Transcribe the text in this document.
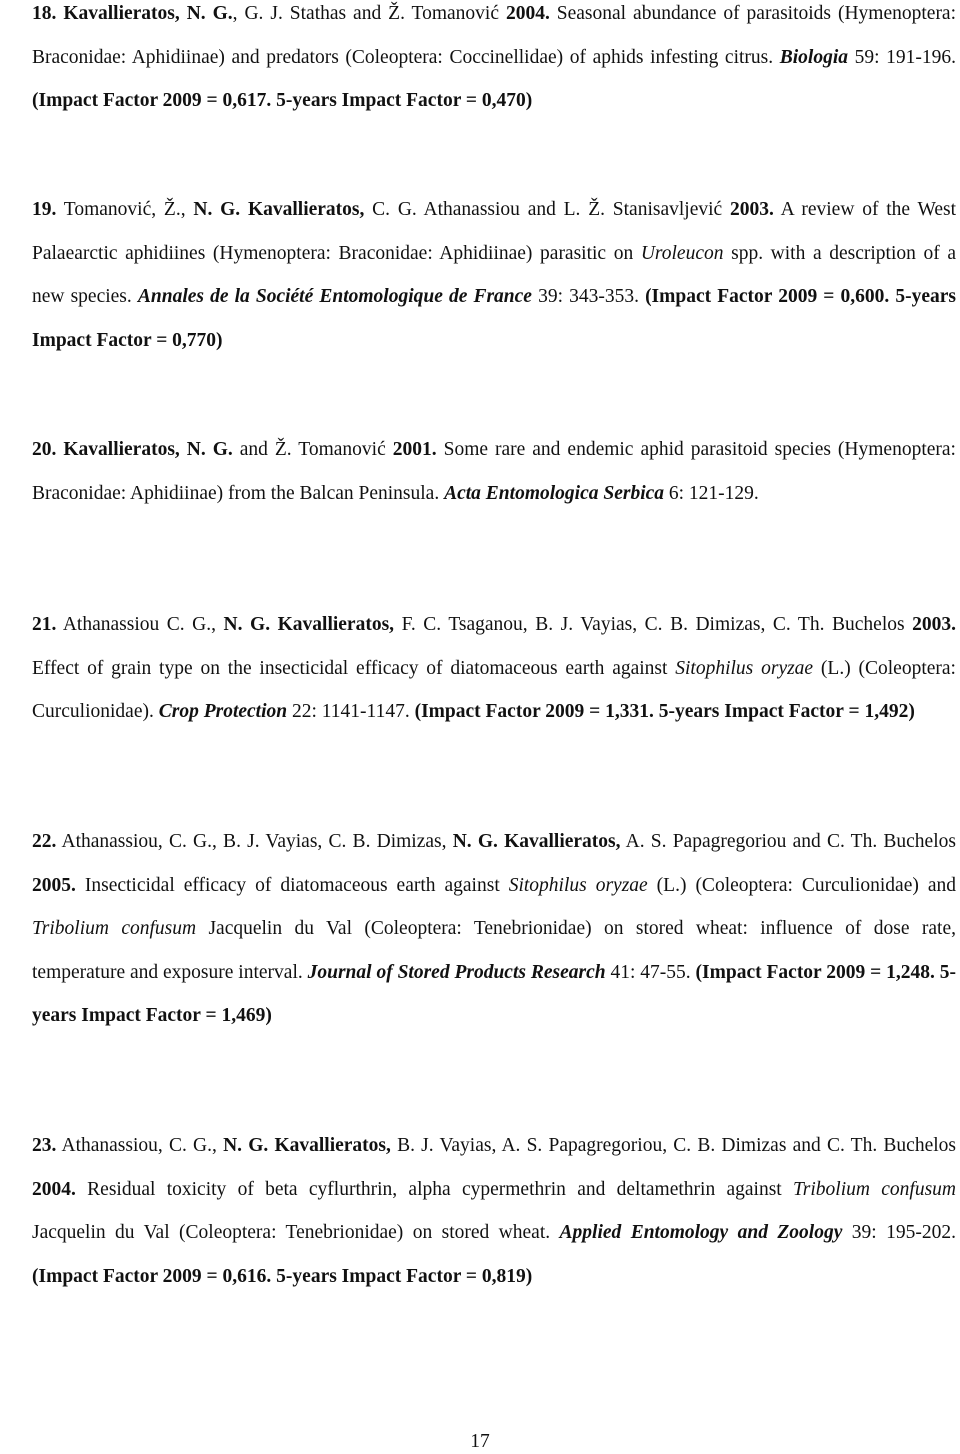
18. Kavallieratos, N. G., G. J. Stathas and Ž. Tomanović 2004. Seasonal abundance of parasitoids (Hymenoptera: Braconidae: Aphidiinae) and predators (Coleoptera: Coccinellidae) of aphids infesting citrus. Biologia 59: 191-196. (Impact Factor 2009 = 0,617. 5-years Impact Factor = 0,470)
19. Tomanović, Ž., N. G. Kavallieratos, C. G. Athanassiou and L. Ž. Stanisavljević 2003. A review of the West Palaearctic aphidiines (Hymenoptera: Braconidae: Aphidiinae) parasitic on Uroleucon spp. with a description of a new species. Annales de la Société Entomologique de France 39: 343-353. (Impact Factor 2009 = 0,600. 5-years Impact Factor = 0,770)
20. Kavallieratos, N. G. and Ž. Tomanović 2001. Some rare and endemic aphid parasitoid species (Hymenoptera: Braconidae: Aphidiinae) from the Balcan Peninsula. Acta Entomologica Serbica 6: 121-129.
21. Athanassiou C. G., N. G. Kavallieratos, F. C. Tsaganou, B. J. Vayias, C. B. Dimizas, C. Th. Buchelos 2003. Effect of grain type on the insecticidal efficacy of diatomaceous earth against Sitophilus oryzae (L.) (Coleoptera: Curculionidae). Crop Protection 22: 1141-1147. (Impact Factor 2009 = 1,331. 5-years Impact Factor = 1,492)
22. Athanassiou, C. G., B. J. Vayias, C. B. Dimizas, N. G. Kavallieratos, A. S. Papagregoriou and C. Th. Buchelos 2005. Insecticidal efficacy of diatomaceous earth against Sitophilus oryzae (L.) (Coleoptera: Curculionidae) and Tribolium confusum Jacquelin du Val (Coleoptera: Tenebrionidae) on stored wheat: influence of dose rate, temperature and exposure interval. Journal of Stored Products Research 41: 47-55. (Impact Factor 2009 = 1,248. 5-years Impact Factor = 1,469)
23. Athanassiou, C. G., N. G. Kavallieratos, B. J. Vayias, A. S. Papagregoriou, C. B. Dimizas and C. Th. Buchelos 2004. Residual toxicity of beta cyflurthrin, alpha cypermethrin and deltamethrin against Tribolium confusum Jacquelin du Val (Coleoptera: Tenebrionidae) on stored wheat. Applied Entomology and Zoology 39: 195-202. (Impact Factor 2009 = 0,616. 5-years Impact Factor = 0,819)
17
